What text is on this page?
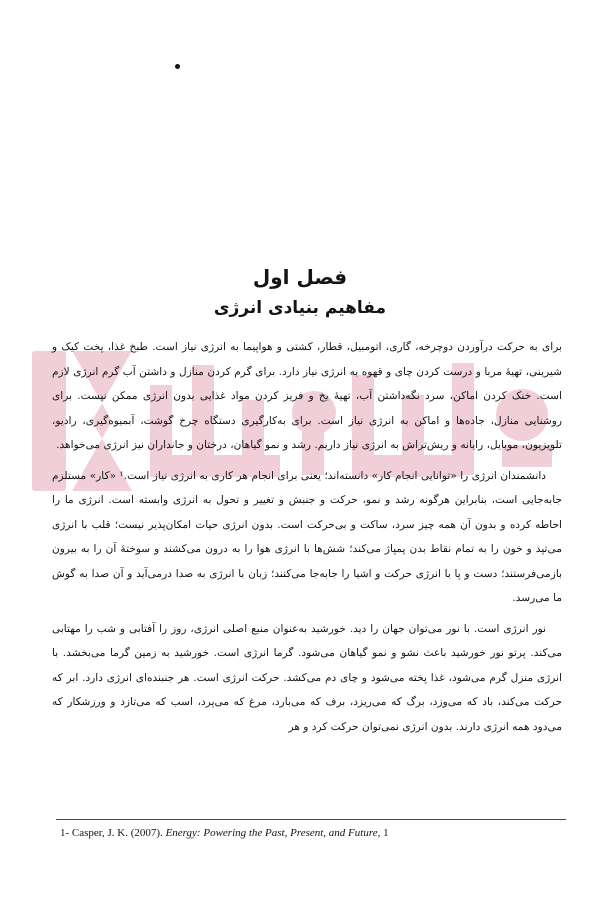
فصل اول
مفاهیم بنیادی انرژی

برای به حرکت درآوردن دوچرخه، گاری، اتومبیل، قطار، کشتی و هواپیما به انرژی نیاز است. طبخ غذا، پخت کیک و شیرینی، تهیهٔ مربا و درست کردن چای و قهوه به انرژی نیاز دارد. برای گرم کردن منازل و داشتن آب گرم انرژی لازم است. خنک کردن اماکن، سرد نگه‌داشتن آب، تهیهٔ یخ و فریز کردن مواد غذایی بدون انرژی ممکن نیست. برای روشنایی منازل، جاده‌ها و اماکن به انرژی نیاز است. برای به‌کارگیری دستگاه چرخ گوشت، آبمیوه‌گیری، رادیو، تلویزیون، موبایل، رایانه و ریش‌تراش به انرژی نیاز داریم. رشد و نمو گیاهان، درختان و جانداران نیز انرژی می‌خواهد.

دانشمندان انرژی را «توانایی انجام کار» دانسته‌اند؛ یعنی برای انجام هر کاری به انرژی نیاز است.¹ «کار» مستلزم جابه‌جایی است، بنابراین هرگونه رشد و نمو، حرکت و جنبش و تغییر و تحول به انرژی وابسته است. انرژی ما را احاطه کرده و بدون آن همه چیز سرد، ساکت و بی‌حرکت است. بدون انرژی حیات امکان‌پذیر نیست؛ قلب با انرژی می‌تپد و خون را به تمام نقاط بدن پمپاژ می‌کند؛ شش‌ها با انرژی هوا را به درون می‌کشند و سوختهٔ آن را به بیرون بازمی‌فرستند؛ دست و پا با انرژی حرکت و اشیا را جابه‌جا می‌کنند؛ زبان با انرژی به صدا درمی‌آید و آن صدا به گوش ما می‌رسد.

نور انرژی است. با نور می‌توان جهان را دید. خورشید به‌عنوان منبع اصلی انرژی، روز را آفتابی و شب را مهتابی می‌کند. پرتو نور خورشید باعث نشو و نمو گیاهان می‌شود. گرما انرژی است. خورشید به زمین گرما می‌بخشد. با انرژی منزل گرم می‌شود، غذا پخته می‌شود و چای دم می‌کشد. حرکت انرژی است. هر جنبنده‌ای انرژی دارد. ابر که حرکت می‌کند، باد که می‌وزد، برگ که می‌ریزد، برف که می‌بارد، مرغ که می‌پرد، اسب که می‌تازد و ورزشکار که می‌دود همه انرژی دارند. بدون انرژی نمی‌توان حرکت کرد و هر

1- Casper, J. K. (2007). Energy: Powering the Past, Present, and Future, 1
